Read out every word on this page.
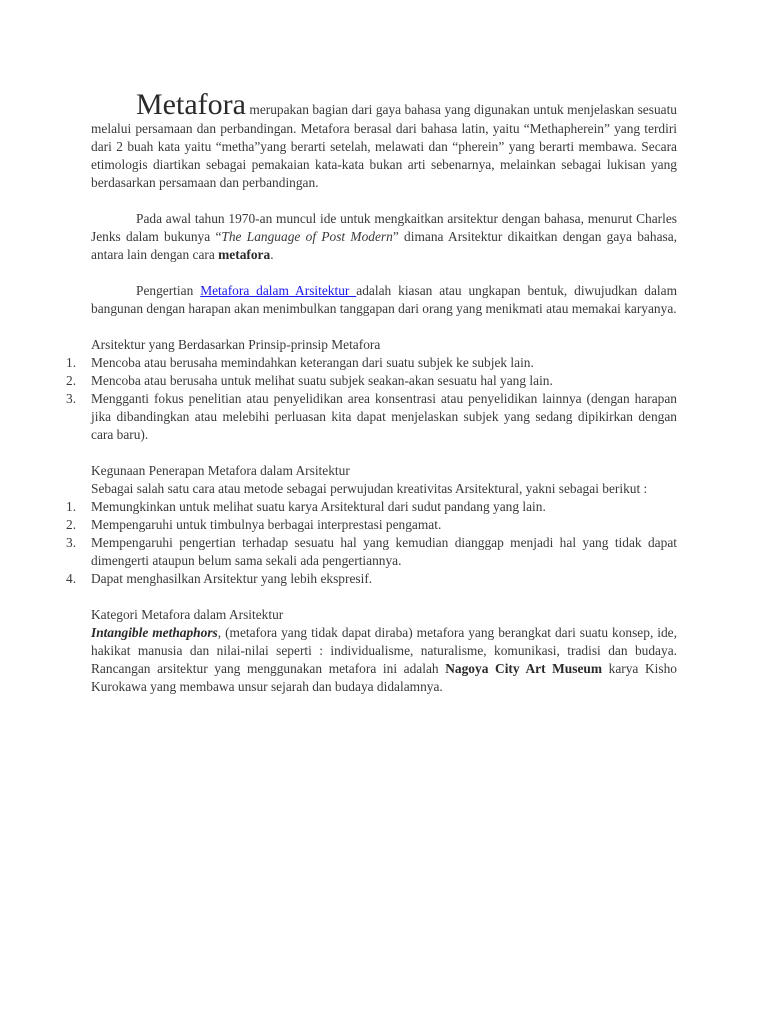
Metafora merupakan bagian dari gaya bahasa yang digunakan untuk menjelaskan sesuatu melalui persamaan dan perbandingan. Metafora berasal dari bahasa latin, yaitu “Methapherein” yang terdiri dari 2 buah kata yaitu “metha”yang berarti setelah, melawati dan “pherein” yang berarti membawa. Secara etimologis diartikan sebagai pemakaian kata-kata bukan arti sebenarnya, melainkan sebagai lukisan yang berdasarkan persamaan dan perbandingan.

Pada awal tahun 1970-an muncul ide untuk mengkaitkan arsitektur dengan bahasa, menurut Charles Jenks dalam bukunya “The Language of Post Modern” dimana Arsitektur dikaitkan dengan gaya bahasa, antara lain dengan cara metafora.

Pengertian Metafora dalam Arsitektur adalah kiasan atau ungkapan bentuk, diwujudkan dalam bangunan dengan harapan akan menimbulkan tanggapan dari orang yang menikmati atau memakai karyanya.

Arsitektur yang Berdasarkan Prinsip-prinsip Metafora

1.	Mencoba atau berusaha memindahkan keterangan dari suatu subjek ke subjek lain.
2.	Mencoba atau berusaha untuk melihat suatu subjek seakan-akan sesuatu hal yang lain.
3.	Mengganti fokus penelitian atau penyelidikan area konsentrasi atau penyelidikan lainnya (dengan harapan jika dibandingkan atau melebihi perluasan kita dapat menjelaskan subjek yang sedang dipikirkan dengan cara baru).

Kegunaan Penerapan Metafora dalam Arsitektur

Sebagai salah satu cara atau metode sebagai perwujudan kreativitas Arsitektural, yakni sebagai berikut :

1.	Memungkinkan untuk melihat suatu karya Arsitektural dari sudut pandang yang lain.
2.	Mempengaruhi untuk timbulnya berbagai interprestasi pengamat.
3.	Mempengaruhi pengertian terhadap sesuatu hal yang kemudian dianggap menjadi hal yang tidak dapat dimengerti ataupun belum sama sekali ada pengertiannya.
4.	Dapat menghasilkan Arsitektur yang lebih ekspresif.

Kategori Metafora dalam Arsitektur

Intangible methaphors, (metafora yang tidak dapat diraba) metafora yang berangkat dari suatu konsep, ide, hakikat manusia dan nilai-nilai seperti : individualisme, naturalisme, komunikasi, tradisi dan budaya. Rancangan arsitektur yang menggunakan metafora ini adalah Nagoya City Art Museum karya Kisho Kurokawa yang membawa unsur sejarah dan budaya didalamnya.
